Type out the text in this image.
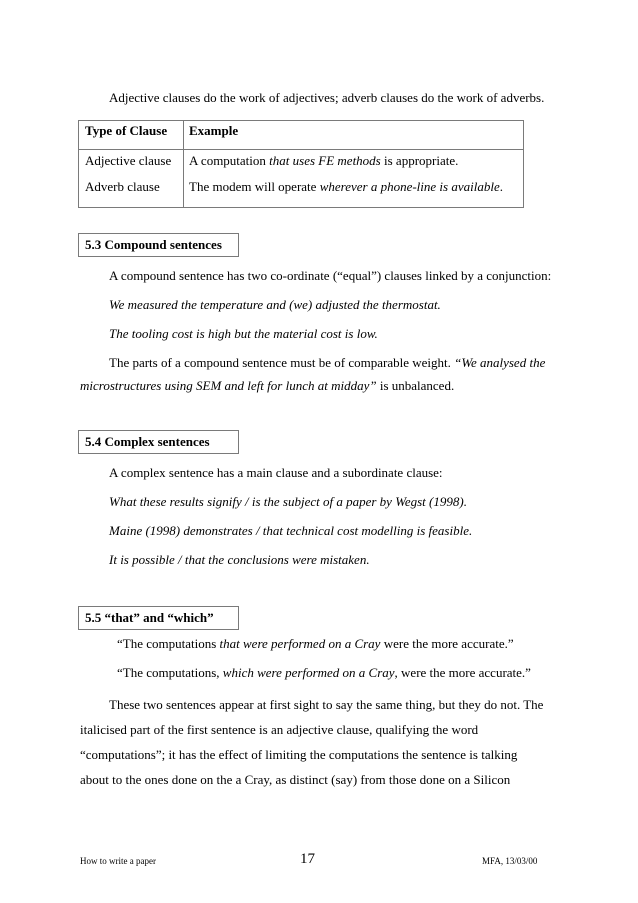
Adjective clauses do the work of adjectives; adverb clauses do the work of adverbs.
Type of Clause Example
Adjective clause A computation that uses FE methods is appropriate.
Adverb clause The modem will operate wherever a phone-line is available.
5.3 Compound sentences
A compound sentence has two co-ordinate (“equal”) clauses linked by a conjunction:
We measured the temperature and (we) adjusted the thermostat.
The tooling cost is high but the material cost is low.
The parts of a compound sentence must be of comparable weight. “We analysed the
microstructures using SEM and left for lunch at midday” is unbalanced.
5.4 Complex sentences
A complex sentence has a main clause and a subordinate clause:
What these results signify / is the subject of a paper by Wegst (1998).
Maine (1998) demonstrates / that technical cost modelling is feasible.
It is possible / that the conclusions were mistaken.
5.5 “that” and “which”
“The computations that were performed on a Cray were the more accurate.”
“The computations, which were performed on a Cray, were the more accurate.”
These two sentences appear at first sight to say the same thing, but they do not. The
italicised part of the first sentence is an adjective clause, qualifying the word
“computations”; it has the effect of limiting the computations the sentence is talking
about to the ones done on the a Cray, as distinct (say) from those done on a Silicon
How to write a paper	17	MFA, 13/03/00
